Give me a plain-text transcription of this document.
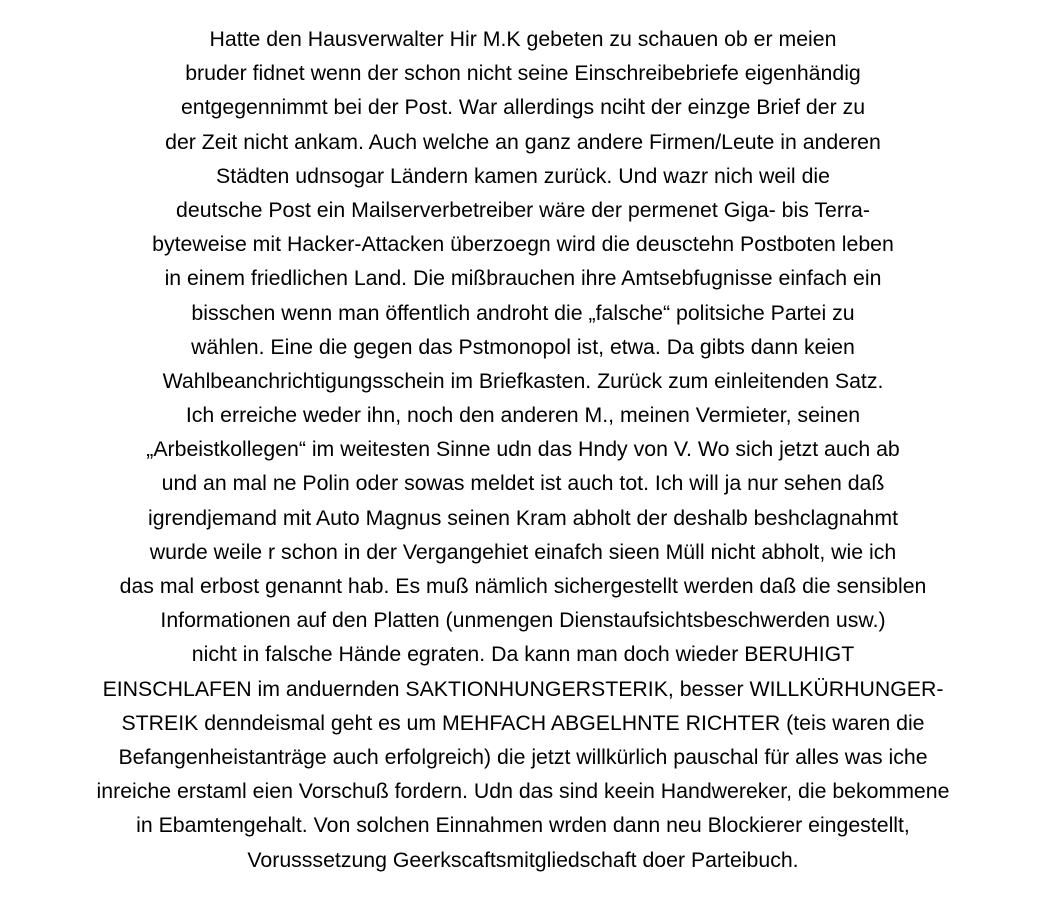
Hatte den Hausverwalter Hir M.K gebeten zu schauen ob er meien
bruder fidnet wenn der schon nicht seine Einschreibebriefe eigenhändig
entgegennimmt bei der Post. War allerdings nciht der einzge Brief der zu
der Zeit nicht ankam. Auch welche an ganz andere Firmen/Leute in anderen
Städten udnsogar Ländern kamen zurück. Und wazr nich weil die
deutsche Post ein Mailserverbetreiber wäre der permenet Giga- bis Terra-
byteweise mit Hacker-Attacken überzoegn wird die deusctehn Postboten leben
in einem friedlichen Land. Die mißbrauchen ihre Amtsebfugnisse einfach ein
bisschen wenn man öffentlich androht die „falsche“ politsiche Partei zu
wählen. Eine die gegen das Pstmonopol ist, etwa. Da gibts dann keien
Wahlbeanchrichtigungsschein im Briefkasten. Zurück zum einleitenden Satz.
Ich erreiche weder ihn, noch den anderen M., meinen Vermieter, seinen
„Arbeistkollegen“ im weitesten Sinne udn das Hndy von V. Wo sich jetzt auch ab
und an mal ne Polin oder sowas meldet ist auch tot. Ich will ja nur sehen daß
igrendjemand mit Auto Magnus seinen Kram abholt der deshalb beshclagnahmt
wurde weile r schon in der Vergangehiet einafch sieen Müll nicht abholt, wie ich
das mal erbost genannt hab. Es muß nämlich sichergestellt werden daß die sensiblen
Informationen auf den Platten (unmengen Dienstaufsichtsbeschwerden usw.)
nicht in falsche Hände egraten. Da kann man doch wieder BERUHIGT
EINSCHLAFEN im anduernden SAKTIONHUNGERSTERIK, besser WILLKÜRHUNGER-
STREIK denndeismal geht es um MEHFACH ABGELHNTE RICHTER (teis waren die
Befangenheistanträge auch erfolgreich) die jetzt willkürlich pauschal für alles was iche
inreiche erstaml eien Vorschuß fordern. Udn das sind keein Handwereker, die bekommene
in Ebamtengehalt. Von solchen Einnahmen wrden dann neu Blockierer eingestellt,
Vorusssetzung Geerkscaftsmitgliedschaft doer Parteibuch.
